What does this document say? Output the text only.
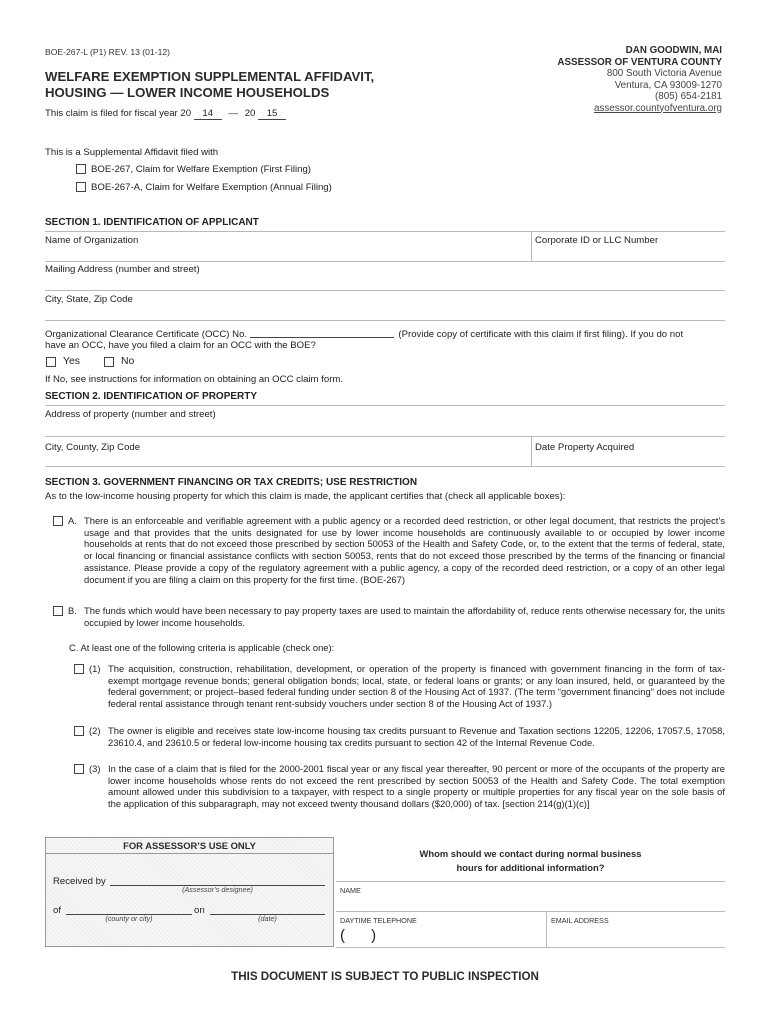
BOE-267-L (P1) REV. 13 (01-12)
WELFARE EXEMPTION SUPPLEMENTAL AFFIDAVIT,
HOUSING — LOWER INCOME HOUSEHOLDS
This claim is filed for fiscal year 20 14 — 20 15
DAN GOODWIN, MAI
ASSESSOR OF VENTURA COUNTY
800 South Victoria Avenue
Ventura, CA 93009-1270
(805) 654-2181
assessor.countyofventura.org
This is a Supplemental Affidavit filed with
BOE-267, Claim for Welfare Exemption (First Filing)
BOE-267-A, Claim for Welfare Exemption (Annual Filing)
SECTION 1. IDENTIFICATION OF APPLICANT
Name of Organization	Corporate ID or LLC Number
Mailing Address (number and street)
City, State, Zip Code
Organizational Clearance Certificate (OCC) No.	(Provide copy of certificate with this claim if first filing). If you do not
have an OCC, have you filed a claim for an OCC with the BOE?
Yes	No
If No, see instructions for information on obtaining an OCC claim form.
SECTION 2. IDENTIFICATION OF PROPERTY
Address of property (number and street)
City, County, Zip Code	Date Property Acquired
SECTION 3. GOVERNMENT FINANCING OR TAX CREDITS; USE RESTRICTION
As to the low-income housing property for which this claim is made, the applicant certifies that (check all applicable boxes):
A. There is an enforceable and verifiable agreement with a public agency or a recorded deed restriction, or other legal document, that restricts the project’s usage and that provides that the units designated for use by lower income households are continuously available to or occupied by lower income households at rents that do not exceed those prescribed by section 50053 of the Health and Safety Code, or, to the extent that the terms of federal, state, or local financing or financial assistance conflicts with section 50053, rents that do not exceed those prescribed by the terms of the financing or financial assistance. Please provide a copy of the regulatory agreement with a public agency, a copy of the recorded deed restriction, or a copy of an other legal document if you are filing a claim on this property for the first time. (BOE-267)
B. The funds which would have been necessary to pay property taxes are used to maintain the affordability of, reduce rents otherwise necessary for, the units occupied by lower income households.
C. At least one of the following criteria is applicable (check one):
(1) The acquisition, construction, rehabilitation, development, or operation of the property is financed with government financing in the form of tax-exempt mortgage revenue bonds; general obligation bonds; local, state, or federal loans or grants; or any loan insured, held, or guaranteed by the federal government; or project–based federal funding under section 8 of the Housing Act of 1937. (The term “government financing” does not include federal rental assistance through tenant rent-subsidy vouchers under section 8 of the Housing Act of 1937.)
(2) The owner is eligible and receives state low-income housing tax credits pursuant to Revenue and Taxation sections 12205, 12206, 17057.5, 17058, 23610.4, and 23610.5 or federal low-income housing tax credits pursuant to section 42 of the Internal Revenue Code.
(3) In the case of a claim that is filed for the 2000-2001 fiscal year or any fiscal year thereafter, 90 percent or more of the occupants of the property are lower income households whose rents do not exceed the rent prescribed by section 50053 of the Health and Safety Code. The total exemption amount allowed under this subdivision to a taxpayer, with respect to a single property or multiple properties for any fiscal year on the sole basis of the application of this subparagraph, may not exceed twenty thousand dollars ($20,000) of tax. [section 214(g)(1)(c)]
FOR ASSESSOR’S USE ONLY
Received by
(Assessor’s designee)
of
(county or city)
on
(date)
Whom should we contact during normal business
hours for additional information?
NAME
DAYTIME TELEPHONE	EMAIL ADDRESS
( )
THIS DOCUMENT IS SUBJECT TO PUBLIC INSPECTION
